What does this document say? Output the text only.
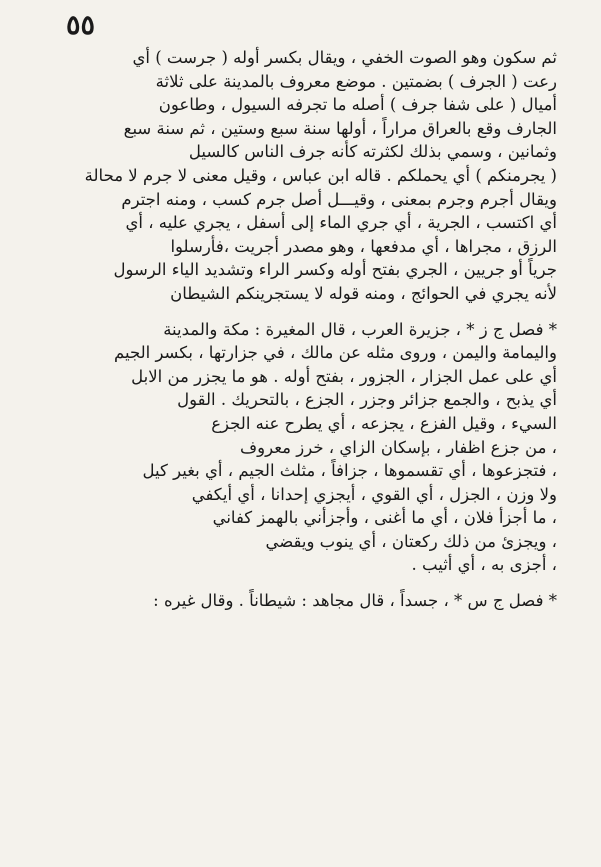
٥٥
ثم سكون وهو الصوت الخفي ، ويقال بكسر أوله ( جرست ) أي
رعت ( الجرف ) بضمتين . موضع معروف بالمدينة على ثلاثة
أميال ( على شفا جرف ) أصله ما تجرفه السيول ، وطاعون
الجارف وقع بالعراق مراراً ، أولها سنة سبع وستين ، ثم سنة سبع
وثمانين ، وسمي بذلك لكثرته كأنه جرف الناس كالسيل
( يجرمنكم ) أي يحملكم . قاله ابن عباس ، وقيل معنى لا جرم لا محالة
ويقال أجرم وجرم بمعنى ، وقيـــل أصل جرم كسب ، ومنه اجترم
أي اكتسب ، الجرية ، أي جري الماء إلى أسفل ، يجري عليه ، أي
الرزق ، مجراها ، أي مدفعها ، وهو مصدر أجريت ،فأرسلوا
جرياً أو جريين ، الجري بفتح أوله وكسر الراء وتشديد الياء الرسول
لأنه يجري في الحوائج ، ومنه قوله لا يستجرينكم الشيطان
* فصل ج ز * ، جزيرة العرب ، قال المغيرة : مكة والمدينة
واليمامة واليمن ، وروى مثله عن مالك ، في جزارتها ، بكسر الجيم
أي على عمل الجزار ، الجزور ، بفتح أوله . هو ما يجزر من الابل
أي يذبح ، والجمع جزائر وجزر ، الجزع ، بالتحريك . القول
السيء ، وقيل الفزع ، يجزعه ، أي يطرح عنه الجزع
، من جزع اظفار ، بإسكان الزاي ، خرز معروف
، فتجزعوها ، أي تقسموها ، جزافاً ، مثلث الجيم ، أي بغير كيل
ولا وزن ، الجزل ، أي القوي ، أيجزي إحدانا ، أي أيكفي
، ما أجزأ فلان ، أي ما أغنى ، وأجزأني بالهمز كفاني
، ويجزئ من ذلك ركعتان ، أي ينوب ويقضي
، أجزى به ، أي أثيب .
* فصل ج س * ، جسداً ، قال مجاهد : شيطاناً . وقال غيره :
